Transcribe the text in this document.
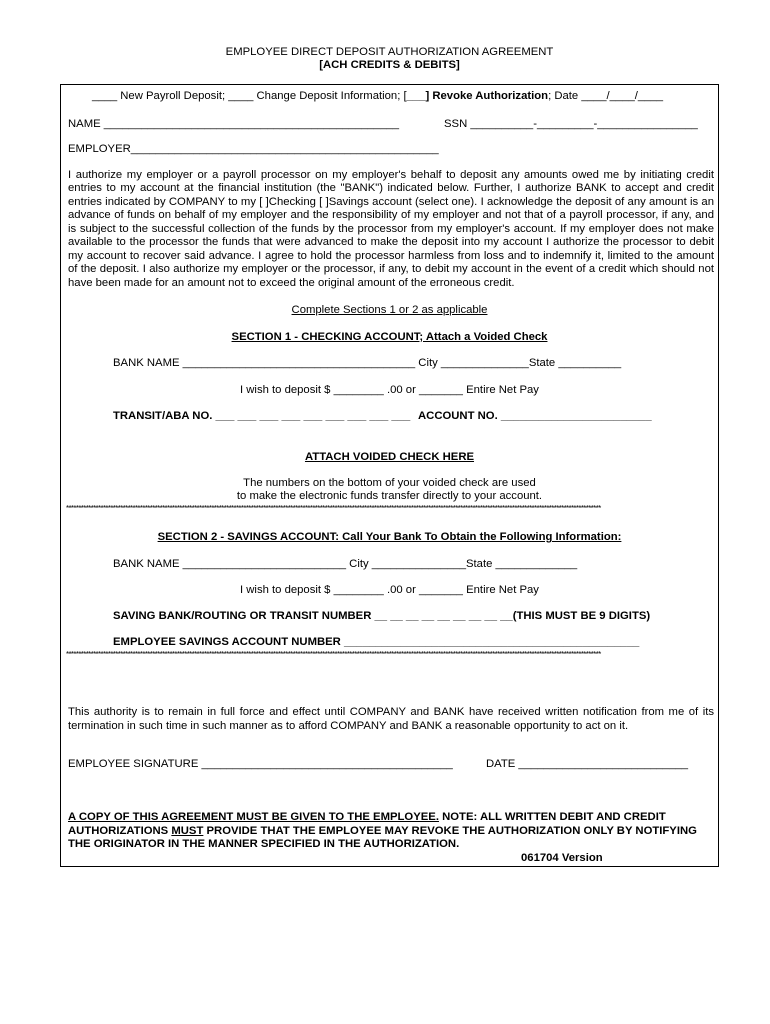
EMPLOYEE DIRECT DEPOSIT AUTHORIZATION AGREEMENT
[ACH CREDITS & DEBITS]
____ New Payroll Deposit; ____ Change Deposit Information; [___] Revoke Authorization; Date ____/____/____
NAME _______________________________________________	SSN __________-_________-________________
EMPLOYER_________________________________________________
I authorize my employer or a payroll processor on my employer's behalf to deposit any amounts owed me by initiating credit entries to my account at the financial institution (the "BANK") indicated below. Further, I authorize BANK to accept and credit entries indicated by COMPANY to my [ ]Checking [ ]Savings account (select one). I acknowledge the deposit of any amount is an advance of funds on behalf of my employer and the responsibility of my employer and not that of a payroll processor, if any, and is subject to the successful collection of the funds by the processor from my employer's account. If my employer does not make available to the processor the funds that were advanced to make the deposit into my account I authorize the processor to debit my account to recover said advance. I agree to hold the processor harmless from loss and to indemnify it, limited to the amount of the deposit. I also authorize my employer or the processor, if any, to debit my account in the event of a credit which should not have been made for an amount not to exceed the original amount of the erroneous credit.
Complete Sections 1 or 2 as applicable
SECTION 1 - CHECKING ACCOUNT; Attach a Voided Check
BANK NAME _____________________________________ City ______________State __________
I wish to deposit $ ________ .00 or _______ Entire Net Pay
TRANSIT/ABA NO. ___ ___ ___ ___ ___ ___ ___ ___ ___ ACCOUNT NO. ________________________
ATTACH VOIDED CHECK HERE
The numbers on the bottom of your voided check are used
to make the electronic funds transfer directly to your account.
*************************************************************************************************************************************************************************************************************************
SECTION 2 - SAVINGS ACCOUNT: Call Your Bank To Obtain the Following Information:
BANK NAME __________________________ City _______________State _____________
I wish to deposit $ ________ .00 or _______ Entire Net Pay
SAVING BANK/ROUTING OR TRANSIT NUMBER __ __ __ __ __ __ __ __ __(THIS MUST BE 9 DIGITS)
EMPLOYEE SAVINGS ACCOUNT NUMBER _______________________________________________
*************************************************************************************************************************************************************************************************************************
This authority is to remain in full force and effect until COMPANY and BANK have received written notification from me of its termination in such time in such manner as to afford COMPANY and BANK a reasonable opportunity to act on it.
EMPLOYEE SIGNATURE ________________________________________	DATE ___________________________
A COPY OF THIS AGREEMENT MUST BE GIVEN TO THE EMPLOYEE. NOTE: ALL WRITTEN DEBIT AND CREDIT
AUTHORIZATIONS MUST PROVIDE THAT THE EMPLOYEE MAY REVOKE THE AUTHORIZATION ONLY BY NOTIFYING
THE ORIGINATOR IN THE MANNER SPECIFIED IN THE AUTHORIZATION.
061704 Version
